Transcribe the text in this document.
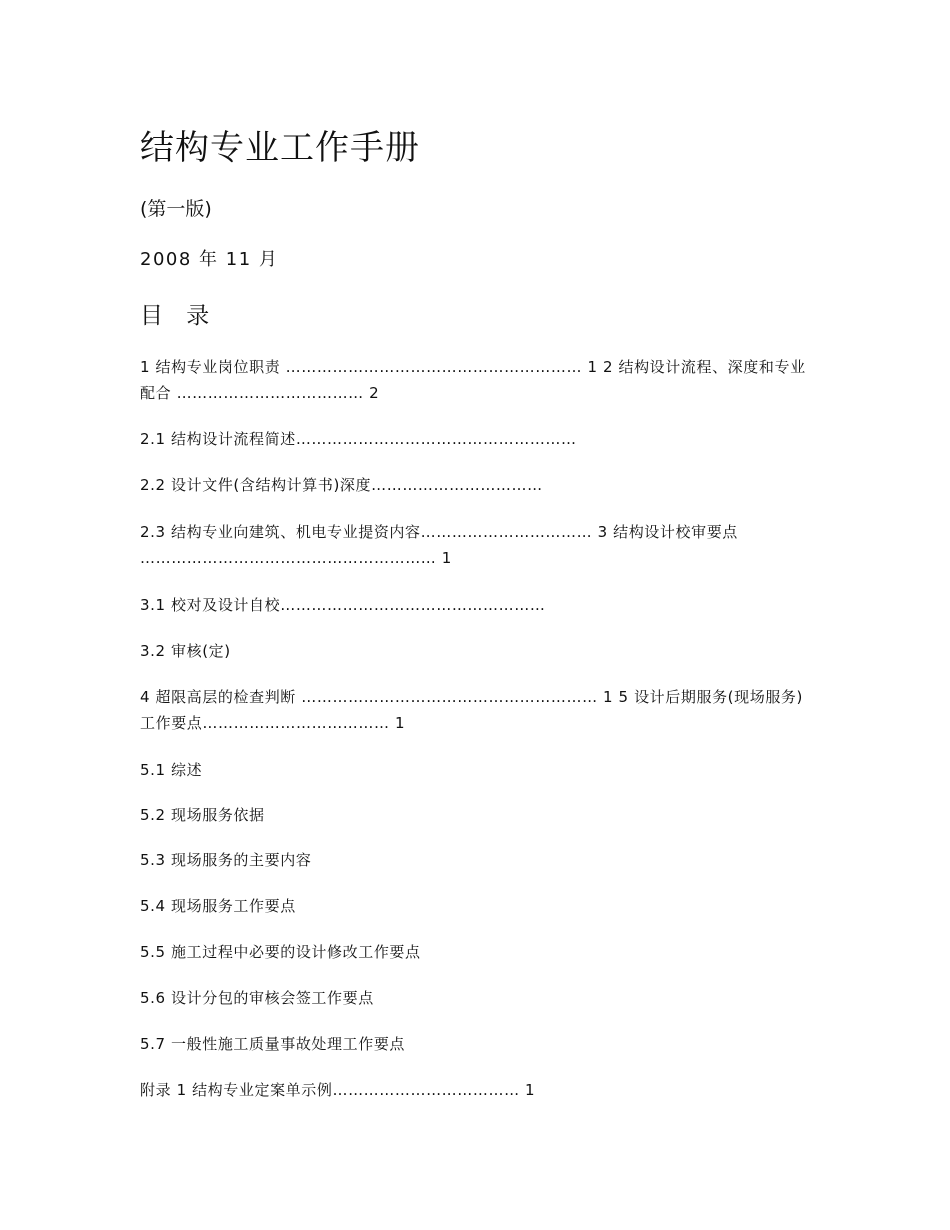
结构专业工作手册
(第一版)
2008 年 11 月
目 录
1 结构专业岗位职责 ………………………………………………… 1 2 结构设计流程、深度和专业配合 ……………………………… 2
2.1 结构设计流程简述………………………………………………
2.2 设计文件(含结构计算书)深度……………………………
2.3 结构专业向建筑、机电专业提资内容…………………………… 3 结构设计校审要点 ………………………………………………… 1
3.1 校对及设计自校……………………………………………
3.2 审核(定)
4 超限高层的检查判断 ………………………………………………… 1 5 设计后期服务(现场服务)工作要点……………………………… 1
5.1 综述
5.2 现场服务依据
5.3 现场服务的主要内容
5.4 现场服务工作要点
5.5 施工过程中必要的设计修改工作要点
5.6 设计分包的审核会签工作要点
5.7 一般性施工质量事故处理工作要点
附录 1 结构专业定案单示例……………………………… 1
